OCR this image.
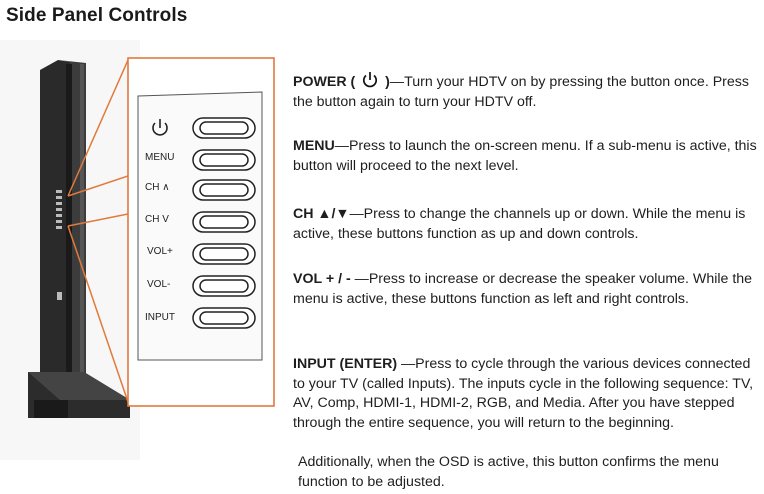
Side Panel Controls
MENU
CH ∧
CH V
VOL+
VOL-
INPUT
POWER ( )—Turn your HDTV on by pressing the button once. Press the button again to turn your HDTV off.
MENU—Press to launch the on-screen menu. If a sub-menu is active, this button will proceed to the next level.
CH ▲/▼—Press to change the channels up or down. While the menu is active, these buttons function as up and down controls.
VOL + / - —Press to increase or decrease the speaker volume. While the menu is active, these buttons function as left and right controls.
INPUT (ENTER) —Press to cycle through the various devices connected to your TV (called Inputs). The inputs cycle in the following sequence: TV, AV, Comp, HDMI-1, HDMI-2, RGB, and Media. After you have stepped through the entire sequence, you will return to the beginning.
Additionally, when the OSD is active, this button confirms the menu function to be adjusted.
